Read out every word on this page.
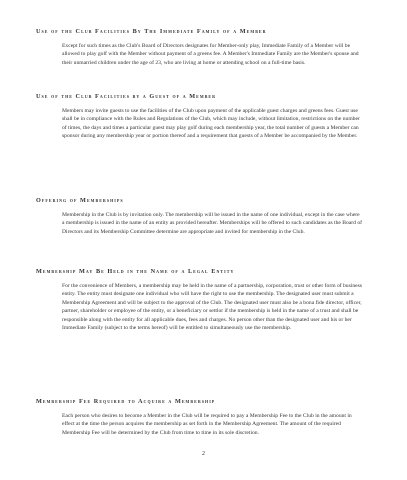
Use of the Club Facilities By The Immediate Family of a Member
Except for such times as the Club's Board of Directors designates for Member-only play, Immediate Family of a Member will be allowed to play golf with the Member without payment of a greens fee. A Member's Immediate Family are the Member's spouse and their unmarried children under the age of 23, who are living at home or attending school on a full-time basis.
Use of the Club Facilities by a Guest of a Member
Members may invite guests to use the facilities of the Club upon payment of the applicable guest charges and greens fees. Guest use shall be in compliance with the Rules and Regulations of the Club, which may include, without limitation, restrictions on the number of times, the days and times a particular guest may play golf during each membership year, the total number of guests a Member can sponsor during any membership year or portion thereof and a requirement that guests of a Member be accompanied by the Member.
Offering of Memberships
Membership in the Club is by invitation only. The membership will be issued in the name of one individual, except in the case where a membership is issued in the name of an entity as provided hereafter. Memberships will be offered to such candidates as the Board of Directors and its Membership Committee determine are appropriate and invited for membership in the Club.
Membership May Be Held in the Name of a Legal Entity
For the convenience of Members, a membership may be held in the name of a partnership, corporation, trust or other form of business entity. The entity must designate one individual who will have the right to use the membership. The designated user must submit a Membership Agreement and will be subject to the approval of the Club. The designated user must also be a bona fide director, officer, partner, shareholder or employee of the entity, or a beneficiary or settlor if the membership is held in the name of a trust and shall be responsible along with the entity for all applicable dues, fees and charges. No person other than the designated user and his or her Immediate Family (subject to the terms hereof) will be entitled to simultaneously use the membership.
Membership Fee Required to Acquire a Membership
Each person who desires to become a Member in the Club will be required to pay a Membership Fee to the Club in the amount in effect at the time the person acquires the membership as set forth in the Membership Agreement. The amount of the required Membership Fee will be determined by the Club from time to time in its sole discretion.
2
